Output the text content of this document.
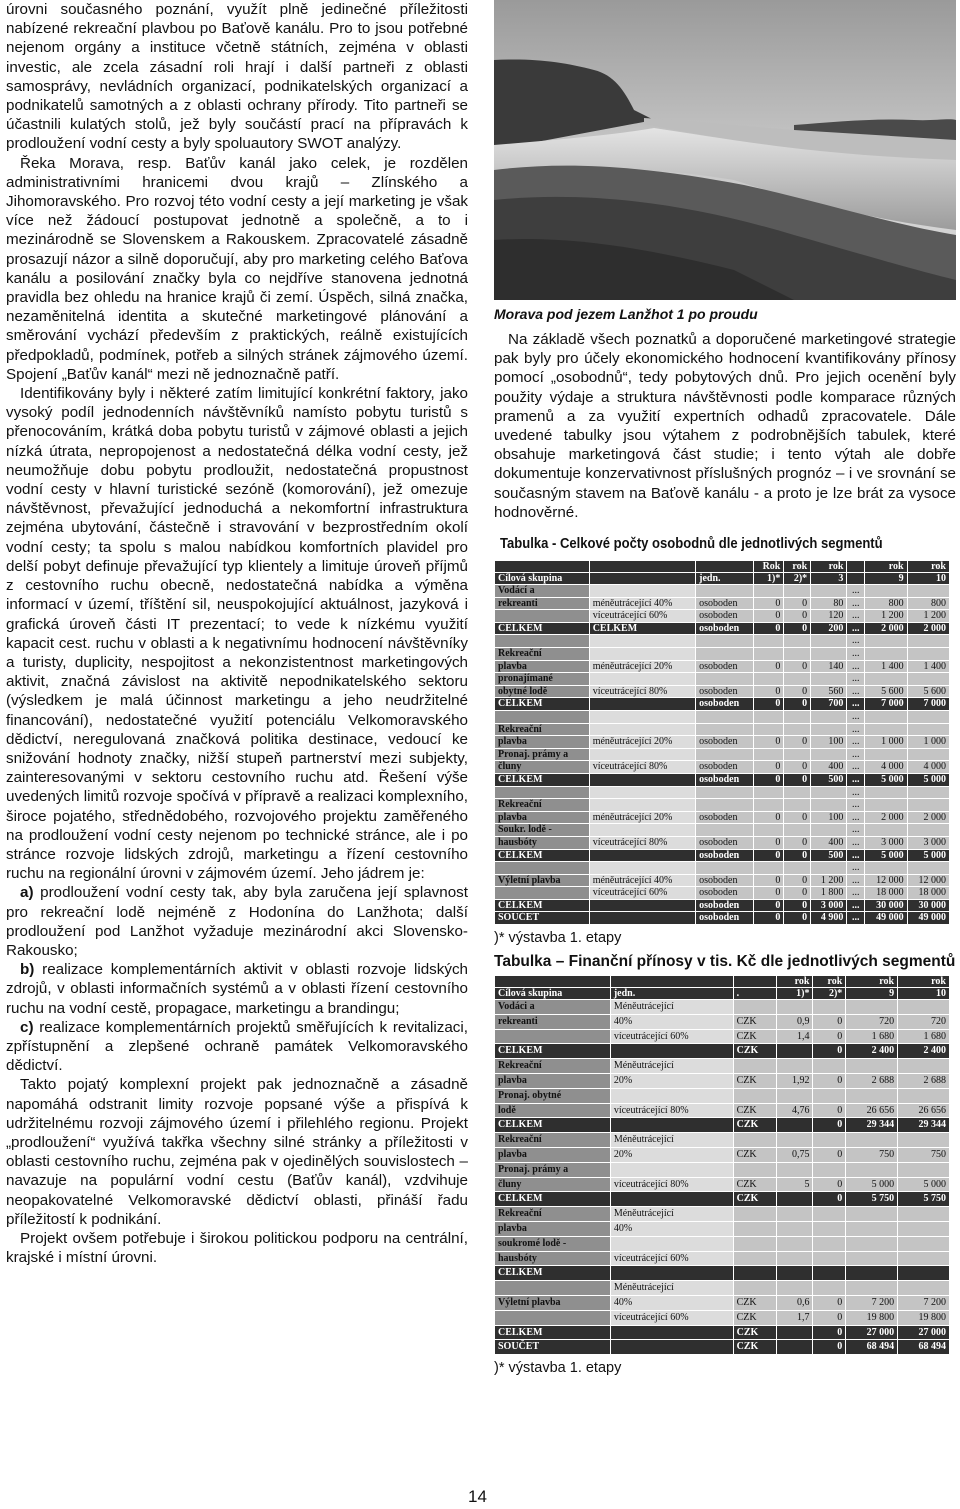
úrovni současného poznání, využít plně jedinečné příležitosti nabízené rekreační plavbou po Baťově kanálu. Pro to jsou potřebné nejenom orgány a instituce včetně státních, zejména v oblasti investic, ale zcela zásadní roli hrají i další partneři z oblasti samosprávy, nevládních organizací, podnikatelských organizací a podnikatelů samotných a z oblasti ochrany přírody. Tito partneři se účastnili kulatých stolů, jež byly součástí prací na přípravách k prodloužení vodní cesty a byly spoluautory SWOT analýzy.

Řeka Morava, resp. Baťův kanál jako celek, je rozdělen administrativními hranicemi dvou krajů – Zlínského a Jihomoravského. Pro rozvoj této vodní cesty a její marketing je však více než žádoucí postupovat jednotně a společně, a to i mezinárodně se Slovenskem a Rakouskem. Zpracovatelé zásadně prosazují názor a silně doporučují, aby pro marketing celého Baťova kanálu a posilování značky byla co nejdříve stanovena jednotná pravidla bez ohledu na hranice krajů či zemí. Úspěch, silná značka, nezaměnitelná identita a skutečné marketingové plánování a směrování vychází především z praktických, reálně existujících předpokladů, podmínek, potřeb a silných stránek zájmového území. Spojení „Baťův kanál“ mezi ně jednoznačně patří.

Identifikovány byly i některé zatím limitující konkrétní faktory, jako vysoký podíl jednodenních návštěvníků namísto pobytu turistů s přenocováním, krátká doba pobytu turistů v zájmové oblasti a jejich nízká útrata, nepropojenost a nedostatečná délka vodní cesty, jež neumožňuje dobu pobytu prodloužit, nedostatečná propustnost vodní cesty v hlavní turistické sezóně (komorování), jež omezuje návštěvnost, převažující jednoduchá a nekomfortní infrastruktura zejména ubytování, částečně i stravování v bezprostředním okolí vodní cesty; ta spolu s malou nabídkou komfortních plavidel pro delší pobyt definuje převažující typ klientely a limituje úroveň příjmů z cestovního ruchu obecně, nedostatečná nabídka a výměna informací v území, tříštění sil, neuspokojující aktuálnost, jazyková i grafická úroveň části IT prezentací; to vede k nízkému využití kapacit cest. ruchu v oblasti a k negativnímu hodnocení návštěvníky a turisty, duplicity, nespojitost a nekonzistentnost marketingových aktivit, značná závislost na aktivitě nepodnikatelského sektoru (výsledkem je malá účinnost marketingu a jeho neudržitelné financování), nedostatečné využití potenciálu Velkomoravského dědictví, neregulovaná značková politika destinace, vedoucí ke snižování hodnoty značky, nižší stupeň partnerství mezi subjekty, zainteresovanými v sektoru cestovního ruchu atd. Řešení výše uvedených limitů rozvoje spočívá v přípravě a realizaci komplexního, široce pojatého, střednědobého, rozvojového projektu zaměřeného na prodloužení vodní cesty nejenom po technické stránce, ale i po stránce rozvoje lidských zdrojů, marketingu a řízení cestovního ruchu na regionální úrovni v zájmovém území. Jeho jádrem je:

a) prodloužení vodní cesty tak, aby byla zaručena její splavnost pro rekreační lodě nejméně z Hodonína do Lanžhota; další prodloužení pod Lanžhot vyžaduje mezinárodní akci Slovensko-Rakousko;

b) realizace komplementárních aktivit v oblasti rozvoje lidských zdrojů, v oblasti informačních systémů a v oblasti řízení cestovního ruchu na vodní cestě, propagace, marketingu a brandingu;

c) realizace komplementárních projektů směřujících k revitalizaci, zpřístupnění a zlepšené ochraně památek Velkomoravského dědictví.

Takto pojatý komplexní projekt pak jednoznačně a zásadně napomáhá odstranit limity rozvoje popsané výše a přispívá k udržitelnému rozvoji zájmového území i přilehlého regionu. Projekt „prodloužení“ využívá takřka všechny silné stránky a příležitosti v oblasti cestovního ruchu, zejména pak v ojedinělých souvislostech – navazuje na populární vodní cestu (Baťův kanál), vzdvihuje neopakovatelné Velkomoravské dědictví oblasti, přináší řadu příležitostí k podnikání.

Projekt ovšem potřebuje i širokou politickou podporu na centrální, krajské i místní úrovni.

Morava pod jezem Lanžhot 1 po proudu

Na základě všech poznatků a doporučené marketingové strategie pak byly pro účely ekonomického hodnocení kvantifikovány přínosy pomocí „osobodnů“, tedy pobytových dnů. Pro jejich ocenění byly použity výdaje a struktura návštěvnosti podle komparace různých pramenů a za využití expertních odhadů zpracovatele. Dále uvedené tabulky jsou výtahem z podrobnějších tabulek, které obsahuje marketingová část studie; i tento výtah ale dobře dokumentuje konzervativnost příslušných prognóz – i ve srovnání se současným stavem na Baťově kanálu - a proto je lze brát za vysoce hodnověrné.

Tabulka - Celkové počty osobodnů dle jednotlivých segmentů
			Rok	rok	rok		rok	rok
Cílová skupina		jedn.	1)*	2)*	3		9	10
Vodácí a						...		
rekreanti	méněutrácející 40%	osoboden	0	0	80	...	800	800
	víceutrácející 60%	osoboden	0	0	120	...	1 200	1 200
CELKEM	CELKEM	osoboden	0	0	200	...	2 000	2 000
						...		
Rekreační						...		
plavba	méněutrácející 20%	osoboden	0	0	140	...	1 400	1 400
pronajímané						...		
obytné lodě	víceutrácející 80%	osoboden	0	0	560	...	5 600	5 600
CELKEM		osoboden	0	0	700	...	7 000	7 000
						...		
Rekreační						...		
plavba	méněutrácející 20%	osoboden	0	0	100	...	1 000	1 000
Pronaj. prámy a						...		
čluny	víceutrácející 80%	osoboden	0	0	400	...	4 000	4 000
CELKEM		osoboden	0	0	500	...	5 000	5 000
						...		
Rekreační						...		
plavba	méněutrácející 20%	osoboden	0	0	100	...	2 000	2 000
Soukr. lodě -						...		
hausbóty	víceutrácející 80%	osoboden	0	0	400	...	3 000	3 000
CELKEM		osoboden	0	0	500	...	5 000	5 000
						...		
Výletní plavba	méněutrácející 40%	osoboden	0	0	1 200	...	12 000	12 000
	víceutrácející 60%	osoboden	0	0	1 800	...	18 000	18 000
CELKEM		osoboden	0	0	3 000	...	30 000	30 000
SOUČET		osoboden	0	0	4 900	...	49 000	49 000
)* výstavba 1. etapy
Tabulka – Finanční přínosy v tis. Kč dle jednotlivých segmentů
			rok	rok	rok	rok
Cílová skupina	jedn.	.	1)*	2)*	9	10
Vodáci a	Méněutrácející					
rekreanti	40%	CZK	0,9	0	720	720
	víceutrácející 60%	CZK	1,4	0	1 680	1 680
CELKEM		CZK		0	2 400	2 400
Rekreační	Méněutrácející					
plavba	20%	CZK	1,92	0	2 688	2 688
Pronaj. obytné						
lodě	víceutrácející 80%	CZK	4,76	0	26 656	26 656
CELKEM		CZK		0	29 344	29 344
Rekreační	Méněutrácející					
plavba	20%	CZK	0,75	0	750	750
Pronaj. prámy a						
čluny	víceutrácející 80%	CZK	5	0	5 000	5 000
CELKEM		CZK		0	5 750	5 750
Rekreační	Méněutrácející					
plavba	40%					
soukromé lodě -						
hausbóty	víceutrácející 60%					
CELKEM						
	Méněutrácející					
Výletní plavba	40%	CZK	0,6	0	7 200	7 200
	víceutrácející 60%	CZK	1,7	0	19 800	19 800
CELKEM		CZK		0	27 000	27 000
SOUČET		CZK		0	68 494	68 494
)* výstavba 1. etapy
14
